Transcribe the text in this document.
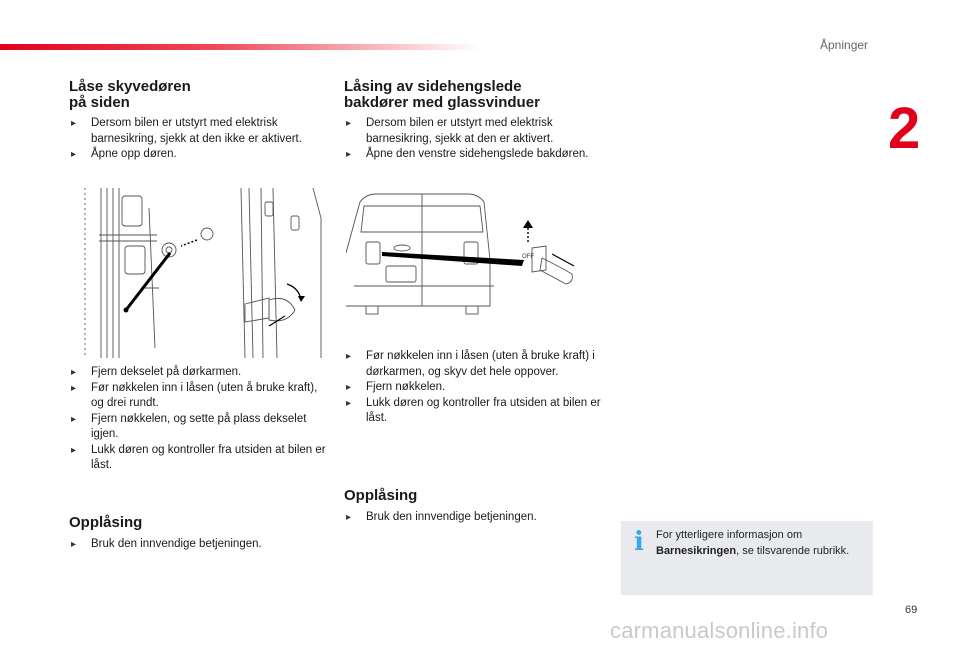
Åpninger
2
Låse skyvedøren
på siden
▸ Dersom bilen er utstyrt med elektrisk barnesikring, sjekk at den ikke er aktivert.
▸ Åpne opp døren.
▸ Fjern dekselet på dørkarmen.
▸ Før nøkkelen inn i låsen (uten å bruke kraft), og drei rundt.
▸ Fjern nøkkelen, og sette på plass dekselet igjen.
▸ Lukk døren og kontroller fra utsiden at bilen er låst.
Opplåsing
▸ Bruk den innvendige betjeningen.
Låsing av sidehengslede
bakdører med glassvinduer
▸ Dersom bilen er utstyrt med elektrisk barnesikring, sjekk at den er aktivert.
▸ Åpne den venstre sidehengslede bakdøren.
OFF
▸ Før nøkkelen inn i låsen (uten å bruke kraft) i dørkarmen, og skyv det hele oppover.
▸ Fjern nøkkelen.
▸ Lukk døren og kontroller fra utsiden at bilen er låst.
Opplåsing
▸ Bruk den innvendige betjeningen.
i For ytterligere informasjon om Barnesikringen, se tilsvarende rubrikk.
69
carmanualsonline.info
